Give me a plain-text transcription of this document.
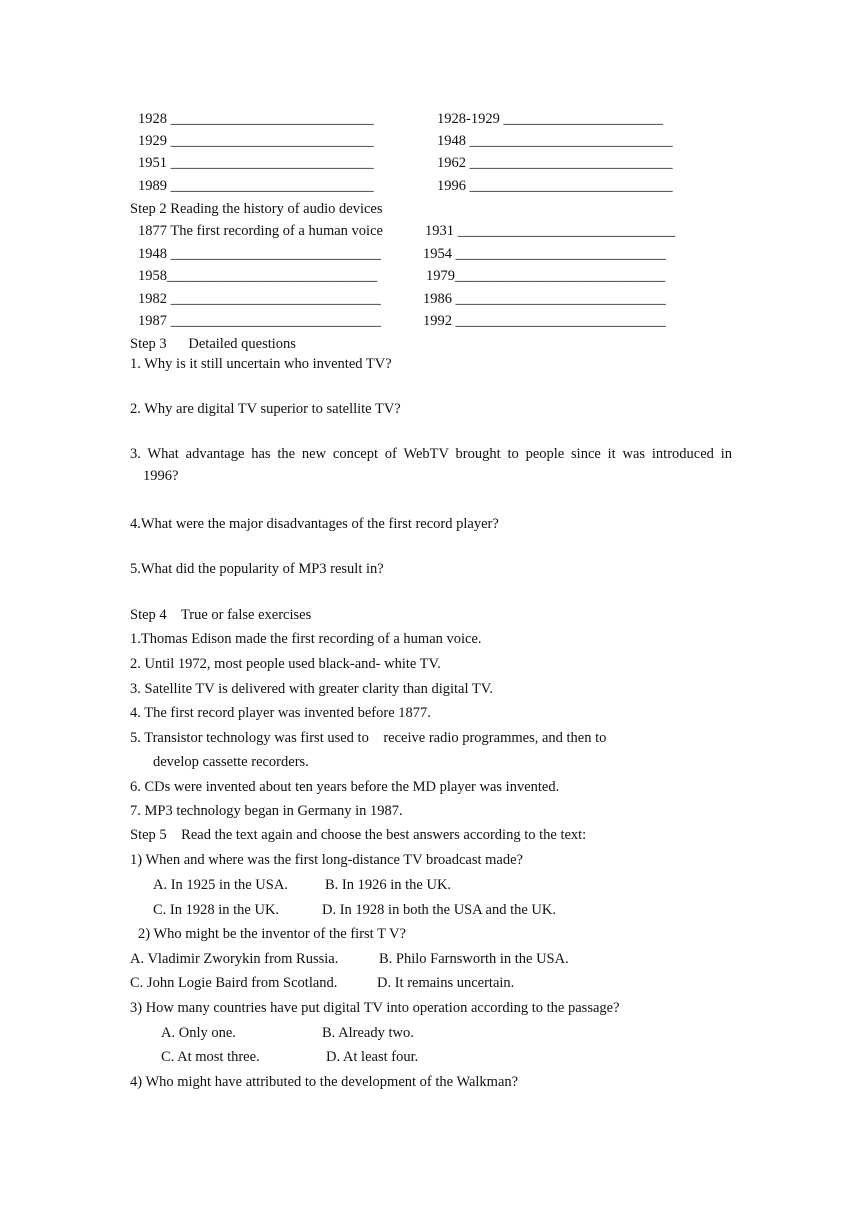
1928 ____________________________	1928-1929 ______________________
1929 ____________________________	1948 ____________________________
1951 ____________________________	1962 ____________________________
1989 ____________________________	1996 ____________________________
Step 2 Reading the history of audio devices
1877 The first recording of a human voice	1931 ______________________________
1948 _____________________________	1954 _____________________________
1958_____________________________	1979_____________________________
1982 _____________________________	1986 _____________________________
1987 _____________________________	1992 _____________________________
Step 3      Detailed questions
1. Why is it still uncertain who invented TV?
2. Why are digital TV superior to satellite TV?
3. What advantage has the new concept of WebTV brought to people since it was introduced in
1996?
4.What were the major disadvantages of the first record player?
5.What did the popularity of MP3 result in?
Step 4    True or false exercises
1.Thomas Edison made the first recording of a human voice.
2. Until 1972, most people used black-and- white TV.
3. Satellite TV is delivered with greater clarity than digital TV.
4. The first record player was invented before 1877.
5. Transistor technology was first used to    receive radio programmes, and then to
develop cassette recorders.
6. CDs were invented about ten years before the MD player was invented.
7. MP3 technology began in Germany in 1987.
Step 5    Read the text again and choose the best answers according to the text:
1) When and where was the first long-distance TV broadcast made?
A. In 1925 in the USA.	B. In 1926 in the UK.
C. In 1928 in the UK.	D. In 1928 in both the USA and the UK.
2) Who might be the inventor of the first T V?
A. Vladimir Zworykin from Russia.	B. Philo Farnsworth in the USA.
C. John Logie Baird from Scotland.	D. It remains uncertain.
3) How many countries have put digital TV into operation according to the passage?
A. Only one.	B. Already two.
C. At most three.	D. At least four.
4) Who might have attributed to the development of the Walkman?
